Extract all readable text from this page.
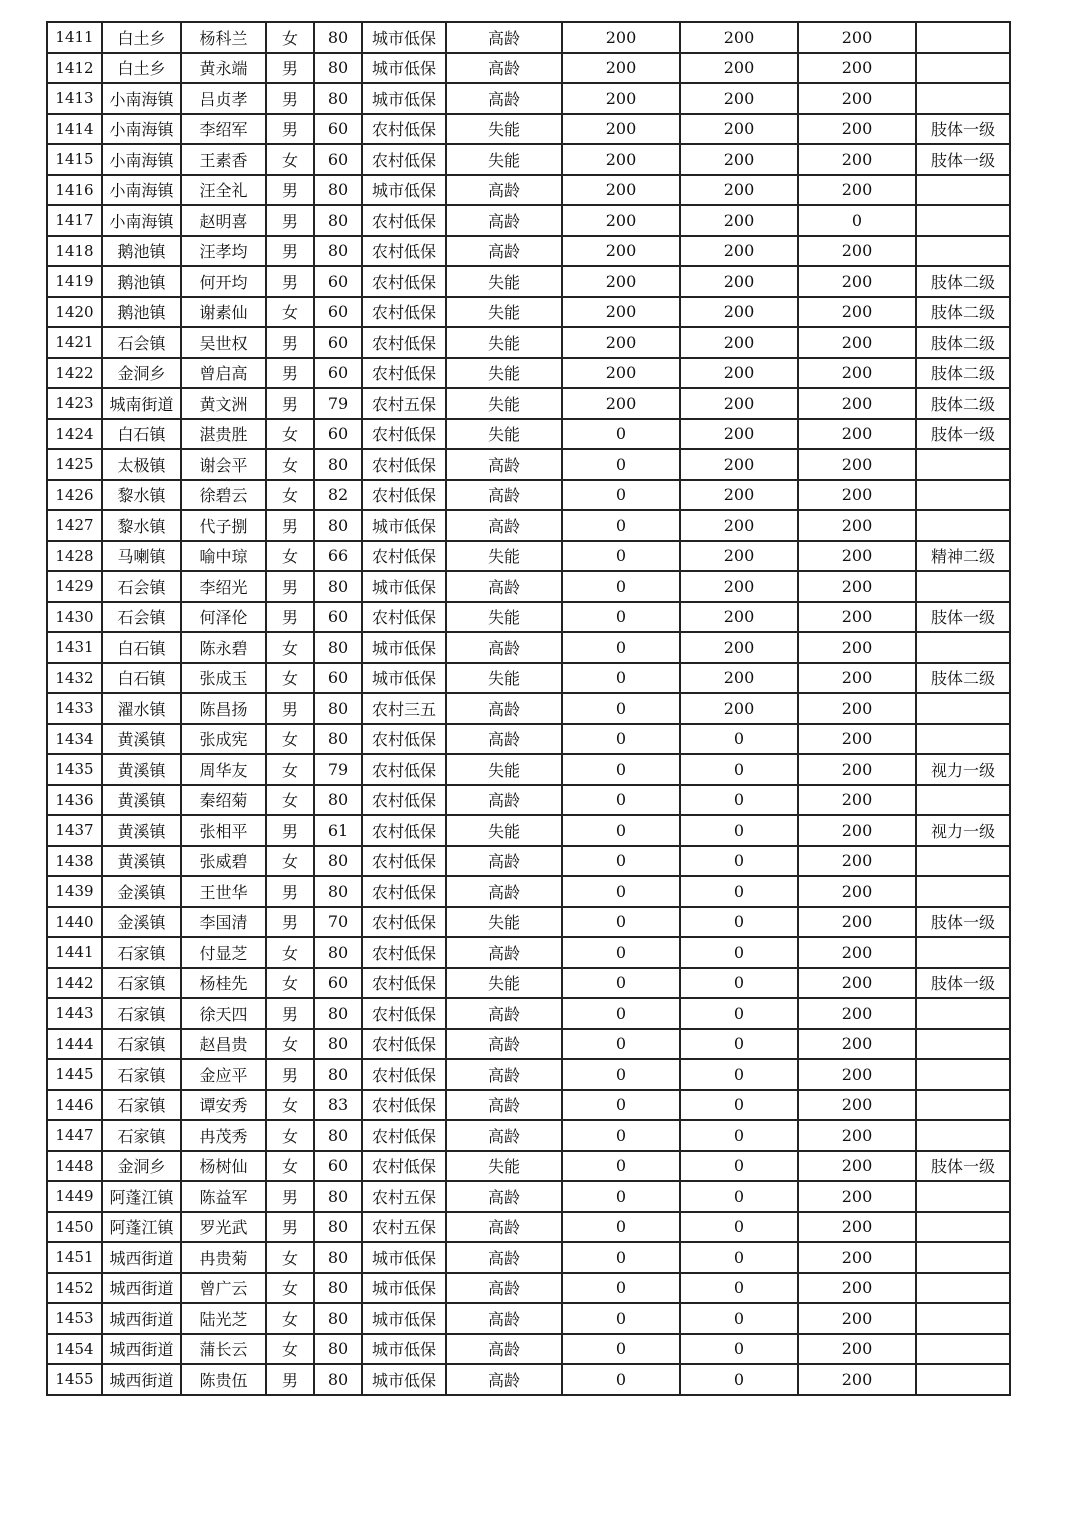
1411	白土乡	杨科兰	女	80	城市低保	高龄	200	200	200	
1412	白土乡	黄永端	男	80	城市低保	高龄	200	200	200	
1413	小南海镇	吕贞孝	男	80	城市低保	高龄	200	200	200	
1414	小南海镇	李绍军	男	60	农村低保	失能	200	200	200	肢体一级
1415	小南海镇	王素香	女	60	农村低保	失能	200	200	200	肢体一级
1416	小南海镇	汪全礼	男	80	城市低保	高龄	200	200	200	
1417	小南海镇	赵明喜	男	80	农村低保	高龄	200	200	0	
1418	鹅池镇	汪孝均	男	80	农村低保	高龄	200	200	200	
1419	鹅池镇	何开均	男	60	农村低保	失能	200	200	200	肢体二级
1420	鹅池镇	谢素仙	女	60	农村低保	失能	200	200	200	肢体二级
1421	石会镇	吴世权	男	60	农村低保	失能	200	200	200	肢体二级
1422	金洞乡	曾启高	男	60	农村低保	失能	200	200	200	肢体二级
1423	城南街道	黄文洲	男	79	农村五保	失能	200	200	200	肢体二级
1424	白石镇	湛贵胜	女	60	农村低保	失能	0	200	200	肢体一级
1425	太极镇	谢会平	女	80	农村低保	高龄	0	200	200	
1426	黎水镇	徐碧云	女	82	农村低保	高龄	0	200	200	
1427	黎水镇	代子捌	男	80	城市低保	高龄	0	200	200	
1428	马喇镇	喻中琼	女	66	农村低保	失能	0	200	200	精神二级
1429	石会镇	李绍光	男	80	城市低保	高龄	0	200	200	
1430	石会镇	何泽伦	男	60	农村低保	失能	0	200	200	肢体一级
1431	白石镇	陈永碧	女	80	城市低保	高龄	0	200	200	
1432	白石镇	张成玉	女	60	城市低保	失能	0	200	200	肢体二级
1433	濯水镇	陈昌扬	男	80	农村三五	高龄	0	200	200	
1434	黄溪镇	张成宪	女	80	农村低保	高龄	0	0	200	
1435	黄溪镇	周华友	女	79	农村低保	失能	0	0	200	视力一级
1436	黄溪镇	秦绍菊	女	80	农村低保	高龄	0	0	200	
1437	黄溪镇	张相平	男	61	农村低保	失能	0	0	200	视力一级
1438	黄溪镇	张威碧	女	80	农村低保	高龄	0	0	200	
1439	金溪镇	王世华	男	80	农村低保	高龄	0	0	200	
1440	金溪镇	李国清	男	70	农村低保	失能	0	0	200	肢体一级
1441	石家镇	付显芝	女	80	农村低保	高龄	0	0	200	
1442	石家镇	杨桂先	女	60	农村低保	失能	0	0	200	肢体一级
1443	石家镇	徐天四	男	80	农村低保	高龄	0	0	200	
1444	石家镇	赵昌贵	女	80	农村低保	高龄	0	0	200	
1445	石家镇	金应平	男	80	农村低保	高龄	0	0	200	
1446	石家镇	谭安秀	女	83	农村低保	高龄	0	0	200	
1447	石家镇	冉茂秀	女	80	农村低保	高龄	0	0	200	
1448	金洞乡	杨树仙	女	60	农村低保	失能	0	0	200	肢体一级
1449	阿蓬江镇	陈益军	男	80	农村五保	高龄	0	0	200	
1450	阿蓬江镇	罗光武	男	80	农村五保	高龄	0	0	200	
1451	城西街道	冉贵菊	女	80	城市低保	高龄	0	0	200	
1452	城西街道	曾广云	女	80	城市低保	高龄	0	0	200	
1453	城西街道	陆光芝	女	80	城市低保	高龄	0	0	200	
1454	城西街道	蒲长云	女	80	城市低保	高龄	0	0	200	
1455	城西街道	陈贵伍	男	80	城市低保	高龄	0	0	200	
